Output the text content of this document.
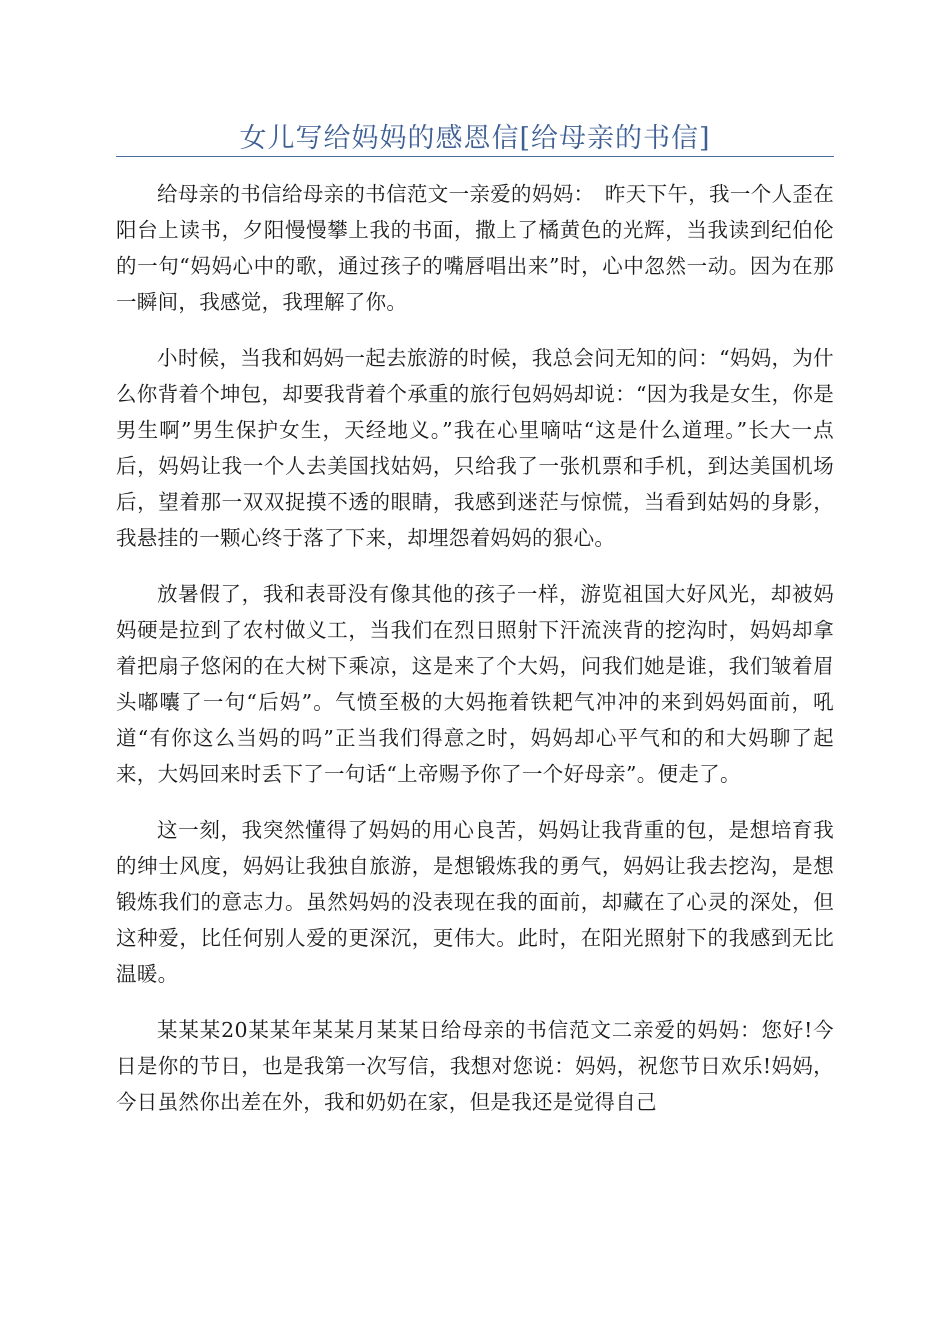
女儿写给妈妈的感恩信[给母亲的书信]

给母亲的书信给母亲的书信范文一亲爱的妈妈：　昨天下午，我一个人歪在阳台上读书，夕阳慢慢攀上我的书面，撒上了橘黄色的光辉，当我读到纪伯伦的一句“妈妈心中的歌，通过孩子的嘴唇唱出来”时，心中忽然一动。因为在那一瞬间，我感觉，我理解了你。

小时候，当我和妈妈一起去旅游的时候，我总会问无知的问：“妈妈，为什么你背着个坤包，却要我背着个承重的旅行包妈妈却说：“因为我是女生，你是男生啊”男生保护女生，天经地义。”我在心里嘀咕“这是什么道理。”长大一点后，妈妈让我一个人去美国找姑妈，只给我了一张机票和手机，到达美国机场后，望着那一双双捉摸不透的眼睛，我感到迷茫与惊慌，当看到姑妈的身影，我悬挂的一颗心终于落了下来，却埋怨着妈妈的狠心。

放暑假了，我和表哥没有像其他的孩子一样，游览祖国大好风光，却被妈妈硬是拉到了农村做义工，当我们在烈日照射下汗流浃背的挖沟时，妈妈却拿着把扇子悠闲的在大树下乘凉，这是来了个大妈，问我们她是谁，我们皱着眉头嘟囔了一句“后妈”。气愤至极的大妈拖着铁耙气冲冲的来到妈妈面前，吼道“有你这么当妈的吗”正当我们得意之时，妈妈却心平气和的和大妈聊了起来，大妈回来时丢下了一句话“上帝赐予你了一个好母亲”。便走了。

这一刻，我突然懂得了妈妈的用心良苦，妈妈让我背重的包，是想培育我的绅士风度，妈妈让我独自旅游，是想锻炼我的勇气，妈妈让我去挖沟，是想锻炼我们的意志力。虽然妈妈的没表现在我的面前，却藏在了心灵的深处，但这种爱，比任何别人爱的更深沉，更伟大。此时，在阳光照射下的我感到无比温暖。

某某某20某某年某某月某某日给母亲的书信范文二亲爱的妈妈：您好!今日是你的节日，也是我第一次写信，我想对您说：妈妈，祝您节日欢乐!妈妈，今日虽然你出差在外，我和奶奶在家，但是我还是觉得自己
